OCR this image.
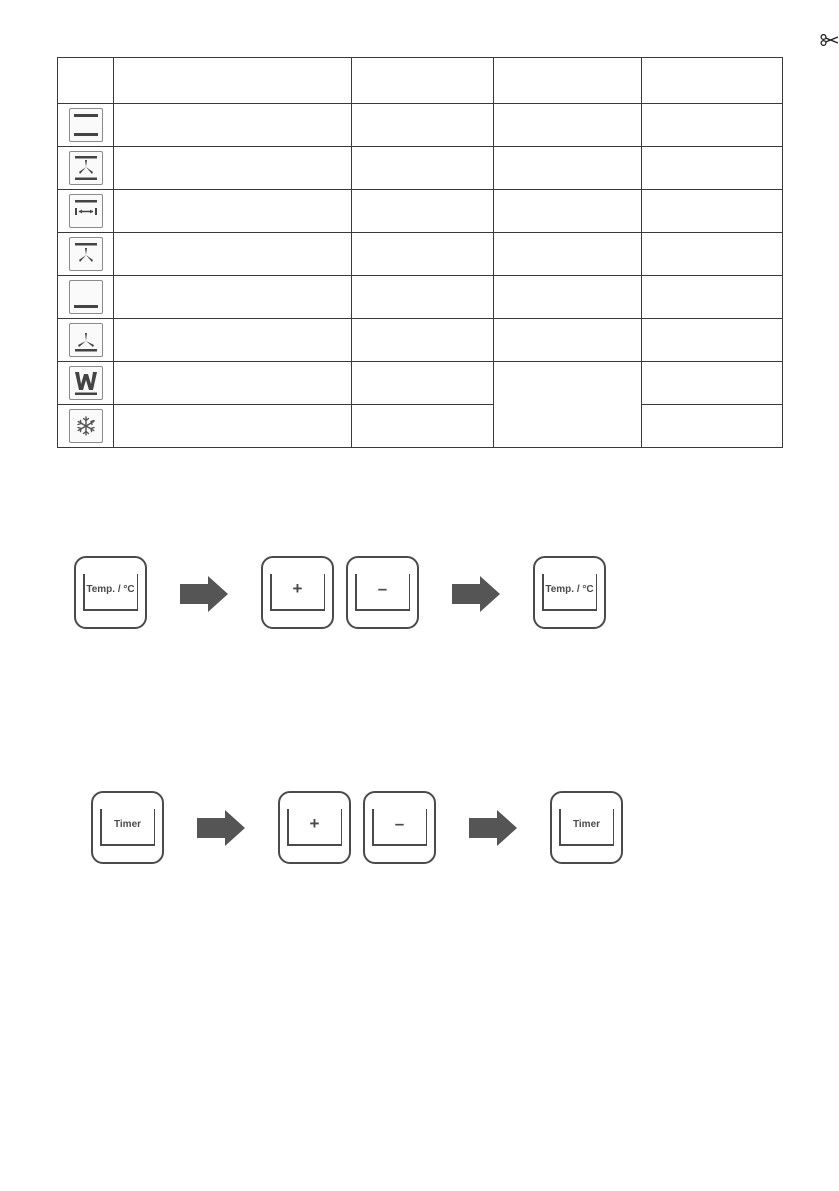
Temp. / °C	+	–	Temp. / °C
Timer	+	–	Timer
